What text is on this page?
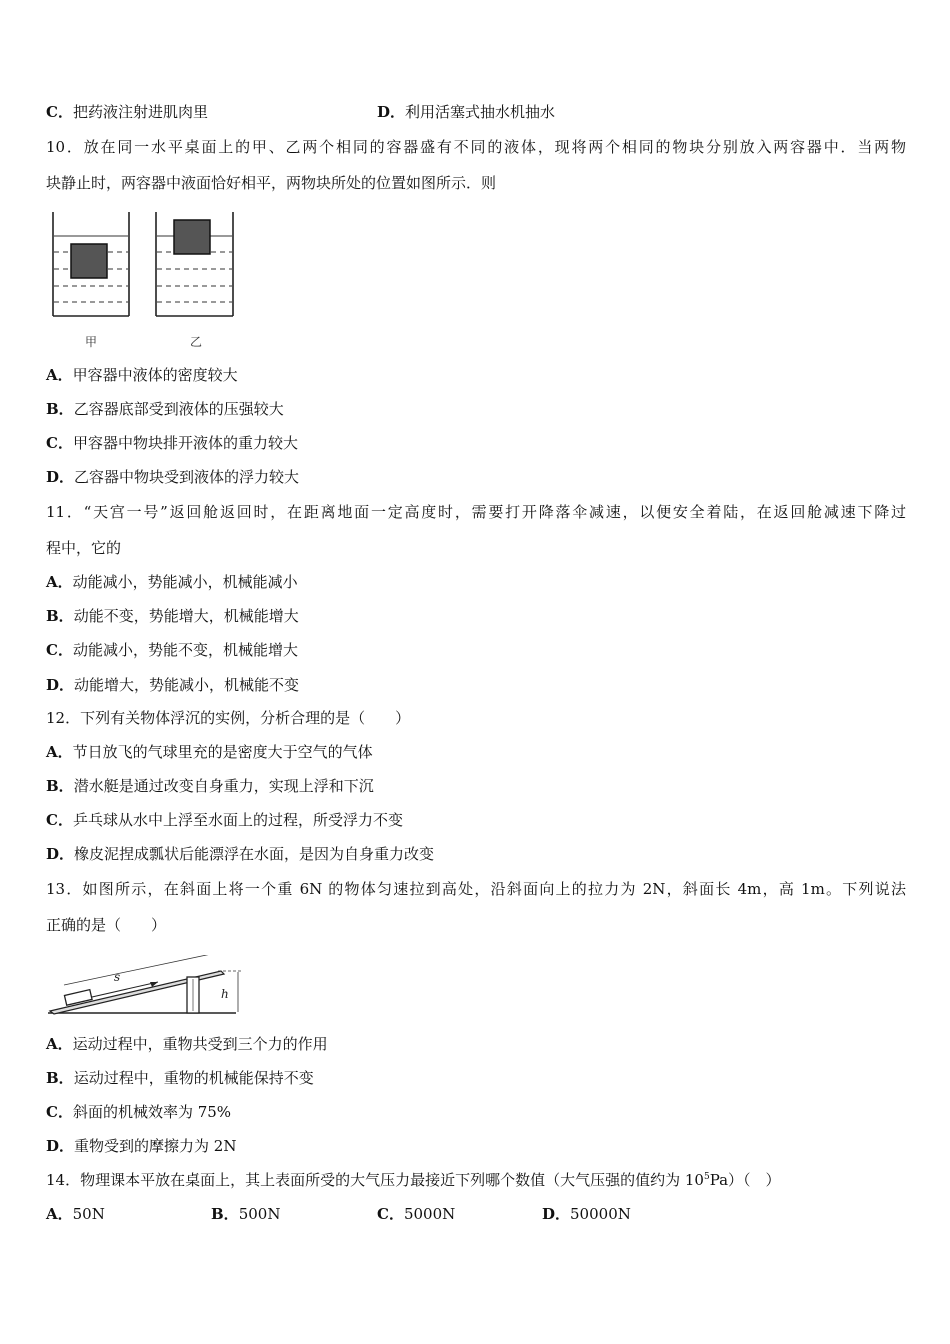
C．把药液注射进肌肉里	D．利用活塞式抽水机抽水
10．放在同一水平桌面上的甲、乙两个相同的容器盛有不同的液体，现将两个相同的物块分别放入两容器中．当两物
块静止时，两容器中液面恰好相平，两物块所处的位置如图所示．则
甲	乙
A．甲容器中液体的密度较大
B．乙容器底部受到液体的压强较大
C．甲容器中物块排开液体的重力较大
D．乙容器中物块受到液体的浮力较大
11．“天宫一号”返回舱返回时，在距离地面一定高度时，需要打开降落伞减速，以便安全着陆，在返回舱减速下降过
程中，它的
A．动能减小，势能减小，机械能减小
B．动能不变，势能增大，机械能增大
C．动能减小，势能不变，机械能增大
D．动能增大，势能减小，机械能不变
12．下列有关物体浮沉的实例，分析合理的是（　　）
A．节日放飞的气球里充的是密度大于空气的气体
B．潜水艇是通过改变自身重力，实现上浮和下沉
C．乒乓球从水中上浮至水面上的过程，所受浮力不变
D．橡皮泥捏成瓢状后能漂浮在水面，是因为自身重力改变
13．如图所示，在斜面上将一个重 6N 的物体匀速拉到高处，沿斜面向上的拉力为 2N，斜面长 4m，高 1m。下列说法
正确的是（　　）
s
h
A．运动过程中，重物共受到三个力的作用
B．运动过程中，重物的机械能保持不变
C．斜面的机械效率为 75%
D．重物受到的摩擦力为 2N
14．物理课本平放在桌面上，其上表面所受的大气压力最接近下列哪个数值（大气压强的值约为 $10^5Pa$）（　）
A．50N	B．500N	C．5000N	D．50000N
